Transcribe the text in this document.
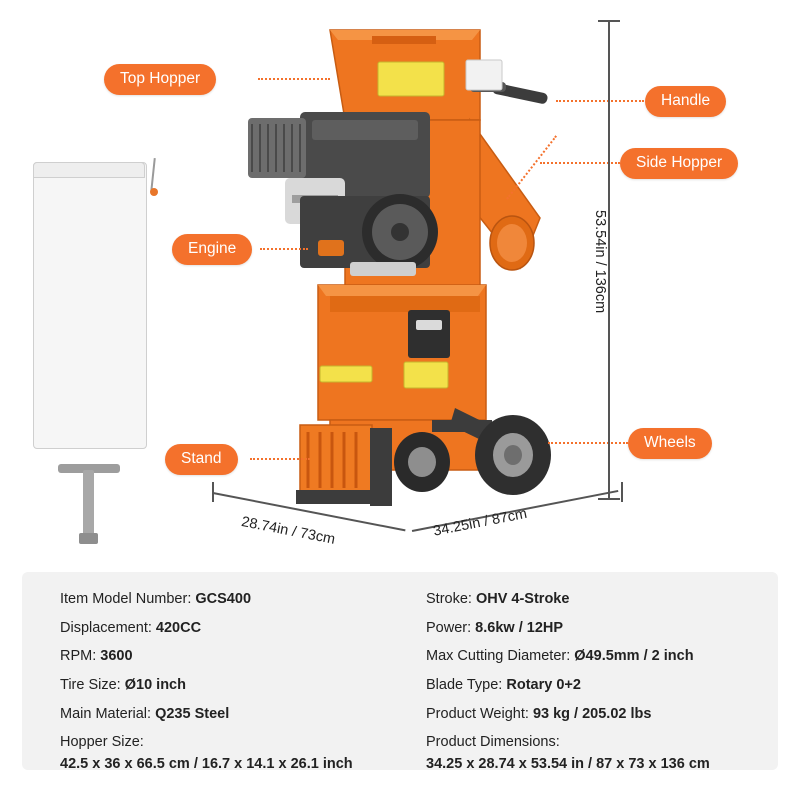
Top Hopper
Handle
Side Hopper
Engine
Wheels
Stand
53.54in / 136cm
28.74in / 73cm	34.25in / 87cm
Item Model Number: GCS400
Displacement: 420CC
RPM: 3600
Tire Size: Ø10 inch
Main Material: Q235 Steel
Hopper Size:
42.5 x 36 x 66.5 cm / 16.7 x 14.1 x 26.1 inch
Stroke: OHV 4-Stroke
Power: 8.6kw / 12HP
Max Cutting Diameter: Ø49.5mm / 2 inch
Blade Type: Rotary 0+2
Product Weight: 93 kg / 205.02 lbs
Product Dimensions:
34.25 x 28.74 x 53.54 in / 87 x 73 x 136 cm
